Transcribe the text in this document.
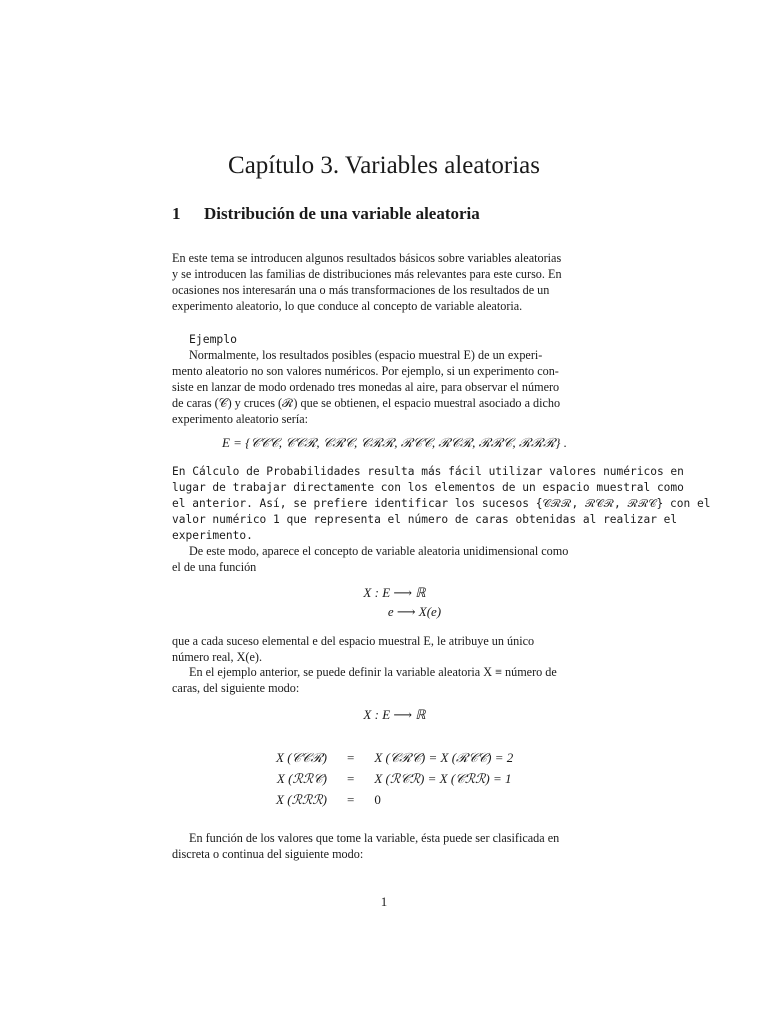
Capítulo 3. Variables aleatorias
1 Distribución de una variable aleatoria

En este tema se introducen algunos resultados básicos sobre variables aleatorias
y se introducen las familias de distribuciones más relevantes para este curso. En
ocasiones nos interesarán una o más transformaciones de los resultados de un
experimento aleatorio, lo que conduce al concepto de variable aleatoria.

Ejemplo

Normalmente, los resultados posibles (espacio muestral E) de un experi-
mento aleatorio no son valores numéricos. Por ejemplo, si un experimento con-
siste en lanzar de modo ordenado tres monedas al aire, para observar el número
de caras (𝒞) y cruces (ℛ) que se obtienen, el espacio muestral asociado a dicho
experimento aleatorio sería:

E = {𝒞𝒞𝒞, 𝒞𝒞ℛ, 𝒞ℛ𝒞, 𝒞ℛℛ, ℛ𝒞𝒞, ℛ𝒞ℛ, ℛℛ𝒞, ℛℛℛ} .

En Cálculo de Probabilidades resulta más fácil utilizar valores numéricos en
lugar de trabajar directamente con los elementos de un espacio muestral como
el anterior. Así, se prefiere identificar los sucesos {𝒞ℛℛ, ℛ𝒞ℛ, ℛℛ𝒞} con el
valor numérico 1 que representa el número de caras obtenidas al realizar el
experimento.

De este modo, aparece el concepto de variable aleatoria unidimensional como
el de una función

X : E ⟶ ℝ
e ⟶ X(e)

que a cada suceso elemental e del espacio muestral E, le atribuye un único
número real, X(e).

En el ejemplo anterior, se puede definir la variable aleatoria X ≡ número de
caras, del siguiente modo:

X : E ⟶ ℝ
X (𝒞𝒞ℛ)	=	X (𝒞ℛ𝒞) = X (ℛ𝒞𝒞) = 2
X (ℛℛ𝒞)	=	X (ℛ𝒞ℛ) = X (𝒞ℛℛ) = 1
X (ℛℛℛ)	=	0

En función de los valores que tome la variable, ésta puede ser clasificada en
discreta o continua del siguiente modo:

1
